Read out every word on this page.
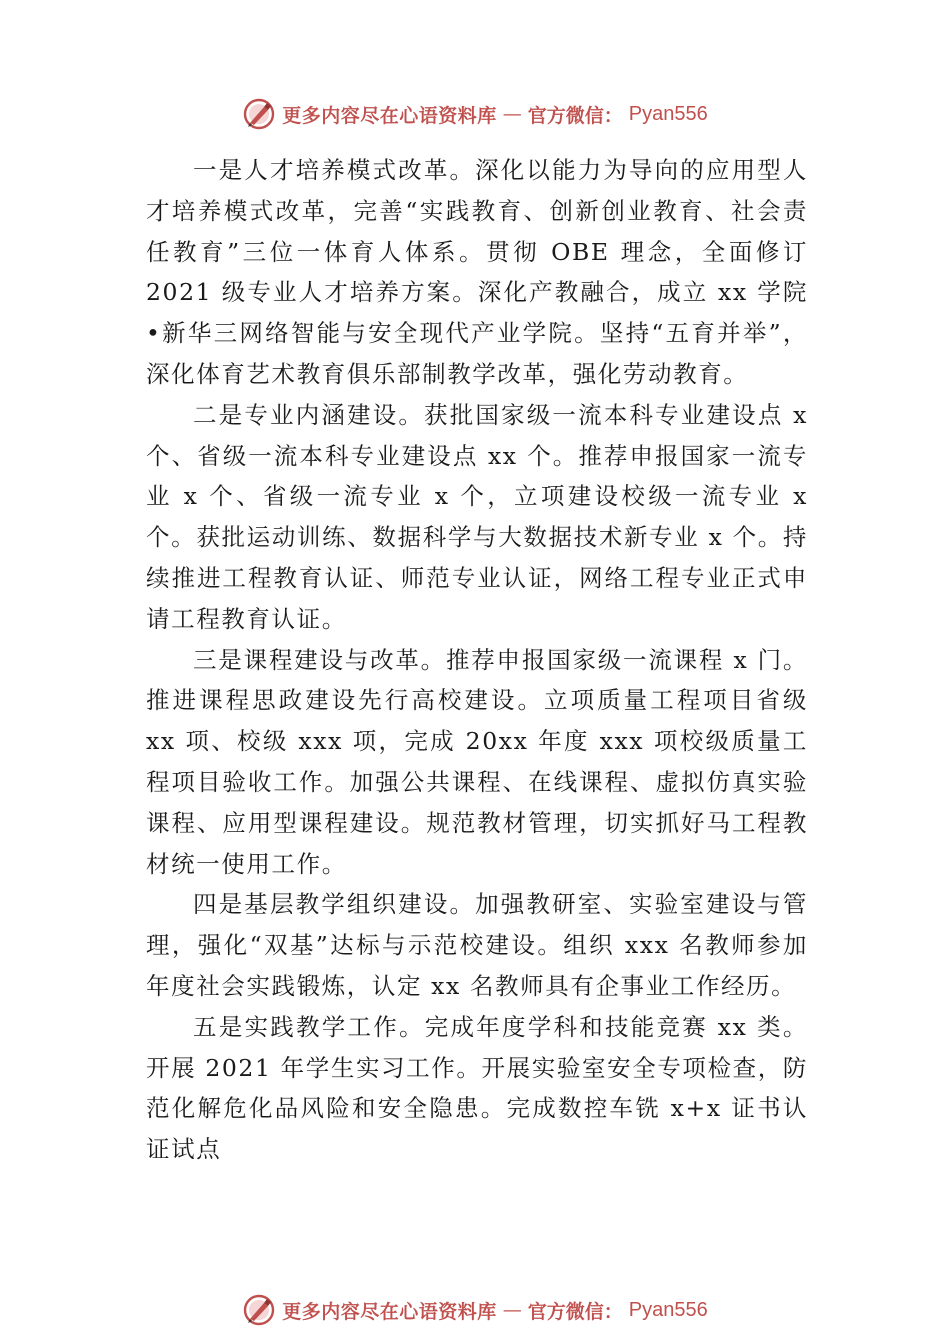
更多内容尽在心语资料库 — 官方微信： Pyan556

一是人才培养模式改革。深化以能力为导向的应用型人才培养模式改革，完善“实践教育、创新创业教育、社会责任教育”三位一体育人体系。贯彻 OBE 理念，全面修订 2021 级专业人才培养方案。深化产教融合，成立 xx 学院•新华三网络智能与安全现代产业学院。坚持“五育并举”，深化体育艺术教育俱乐部制教学改革，强化劳动教育。

二是专业内涵建设。获批国家级一流本科专业建设点 x 个、省级一流本科专业建设点 xx 个。推荐申报国家一流专业 x 个、省级一流专业 x 个，立项建设校级一流专业 x 个。获批运动训练、数据科学与大数据技术新专业 x 个。持续推进工程教育认证、师范专业认证，网络工程专业正式申请工程教育认证。

三是课程建设与改革。推荐申报国家级一流课程 x 门。推进课程思政建设先行高校建设。立项质量工程项目省级 xx 项、校级 xxx 项，完成 20xx 年度 xxx 项校级质量工程项目验收工作。加强公共课程、在线课程、虚拟仿真实验课程、应用型课程建设。规范教材管理，切实抓好马工程教材统一使用工作。

四是基层教学组织建设。加强教研室、实验室建设与管理，强化“双基”达标与示范校建设。组织 xxx 名教师参加年度社会实践锻炼，认定 xx 名教师具有企事业工作经历。

五是实践教学工作。完成年度学科和技能竞赛 xx 类。开展 2021 年学生实习工作。开展实验室安全专项检查，防范化解危化品风险和安全隐患。完成数控车铣 x+x 证书认证试点

更多内容尽在心语资料库 — 官方微信： Pyan556
